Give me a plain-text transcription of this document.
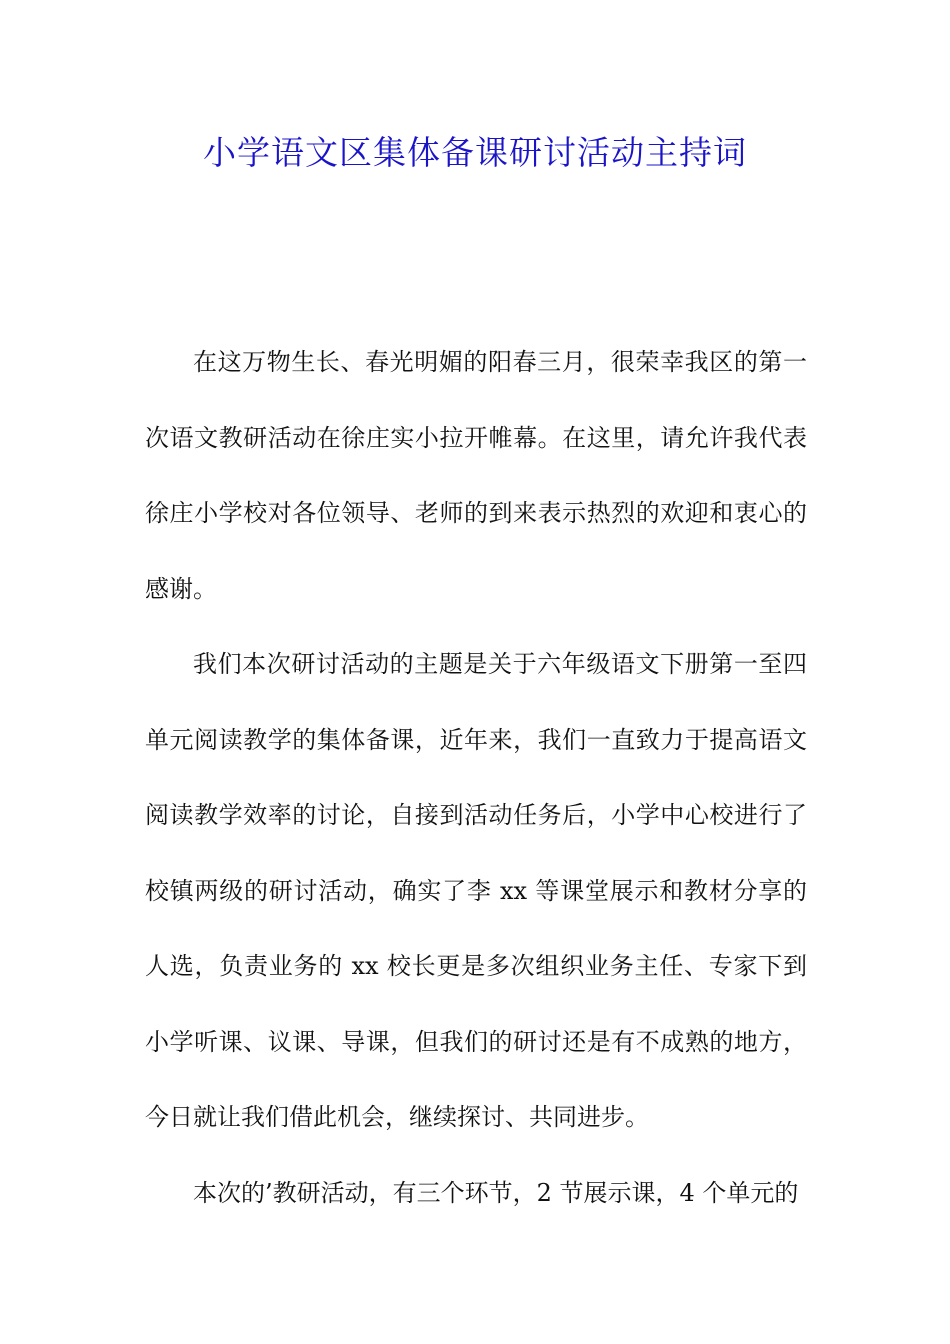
小学语文区集体备课研讨活动主持词

在这万物生长、春光明媚的阳春三月，很荣幸我区的第一次语文教研活动在徐庄实小拉开帷幕。在这里，请允许我代表徐庄小学校对各位领导、老师的到来表示热烈的欢迎和衷心的感谢。

我们本次研讨活动的主题是关于六年级语文下册第一至四单元阅读教学的集体备课，近年来，我们一直致力于提高语文阅读教学效率的讨论，自接到活动任务后，小学中心校进行了校镇两级的研讨活动，确实了李 xx 等课堂展示和教材分享的人选，负责业务的 xx 校长更是多次组织业务主任、专家下到小学听课、议课、导课，但我们的研讨还是有不成熟的地方，今日就让我们借此机会，继续探讨、共同进步。

本次的’教研活动，有三个环节，2 节展示课，4 个单元的
